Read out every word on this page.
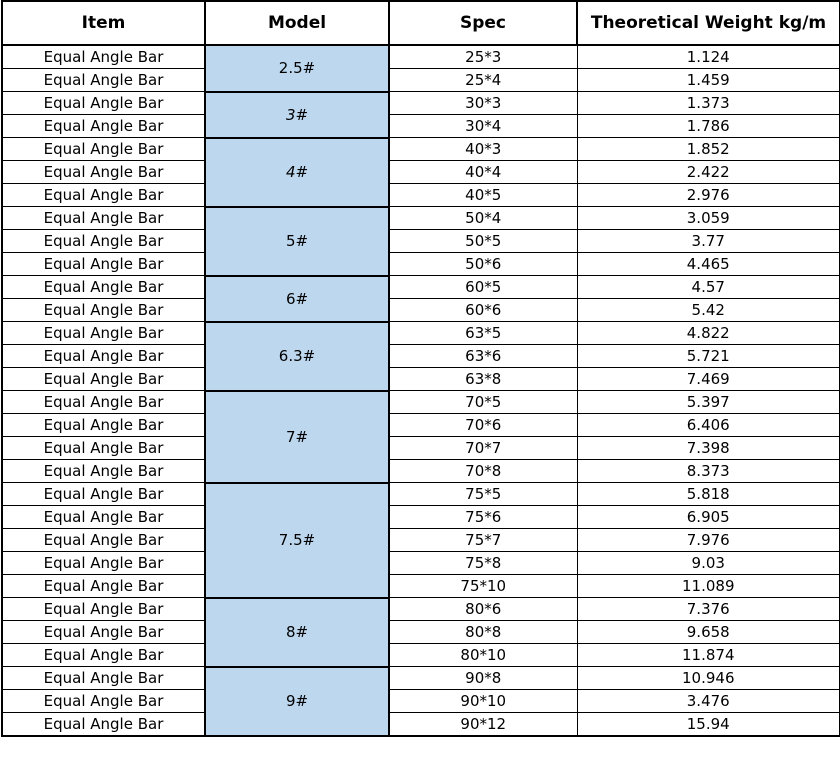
Item	Model	Spec	Theoretical Weight kg/m
Equal Angle Bar	2.5#	25*3	1.124
Equal Angle Bar		25*4	1.459
Equal Angle Bar	3#	30*3	1.373
Equal Angle Bar		30*4	1.786
Equal Angle Bar	4#	40*3	1.852
Equal Angle Bar		40*4	2.422
Equal Angle Bar		40*5	2.976
Equal Angle Bar	5#	50*4	3.059
Equal Angle Bar		50*5	3.77
Equal Angle Bar		50*6	4.465
Equal Angle Bar	6#	60*5	4.57
Equal Angle Bar		60*6	5.42
Equal Angle Bar	6.3#	63*5	4.822
Equal Angle Bar		63*6	5.721
Equal Angle Bar		63*8	7.469
Equal Angle Bar	7#	70*5	5.397
Equal Angle Bar		70*6	6.406
Equal Angle Bar		70*7	7.398
Equal Angle Bar		70*8	8.373
Equal Angle Bar	7.5#	75*5	5.818
Equal Angle Bar		75*6	6.905
Equal Angle Bar		75*7	7.976
Equal Angle Bar		75*8	9.03
Equal Angle Bar		75*10	11.089
Equal Angle Bar	8#	80*6	7.376
Equal Angle Bar		80*8	9.658
Equal Angle Bar		80*10	11.874
Equal Angle Bar	9#	90*8	10.946
Equal Angle Bar		90*10	3.476
Equal Angle Bar		90*12	15.94
